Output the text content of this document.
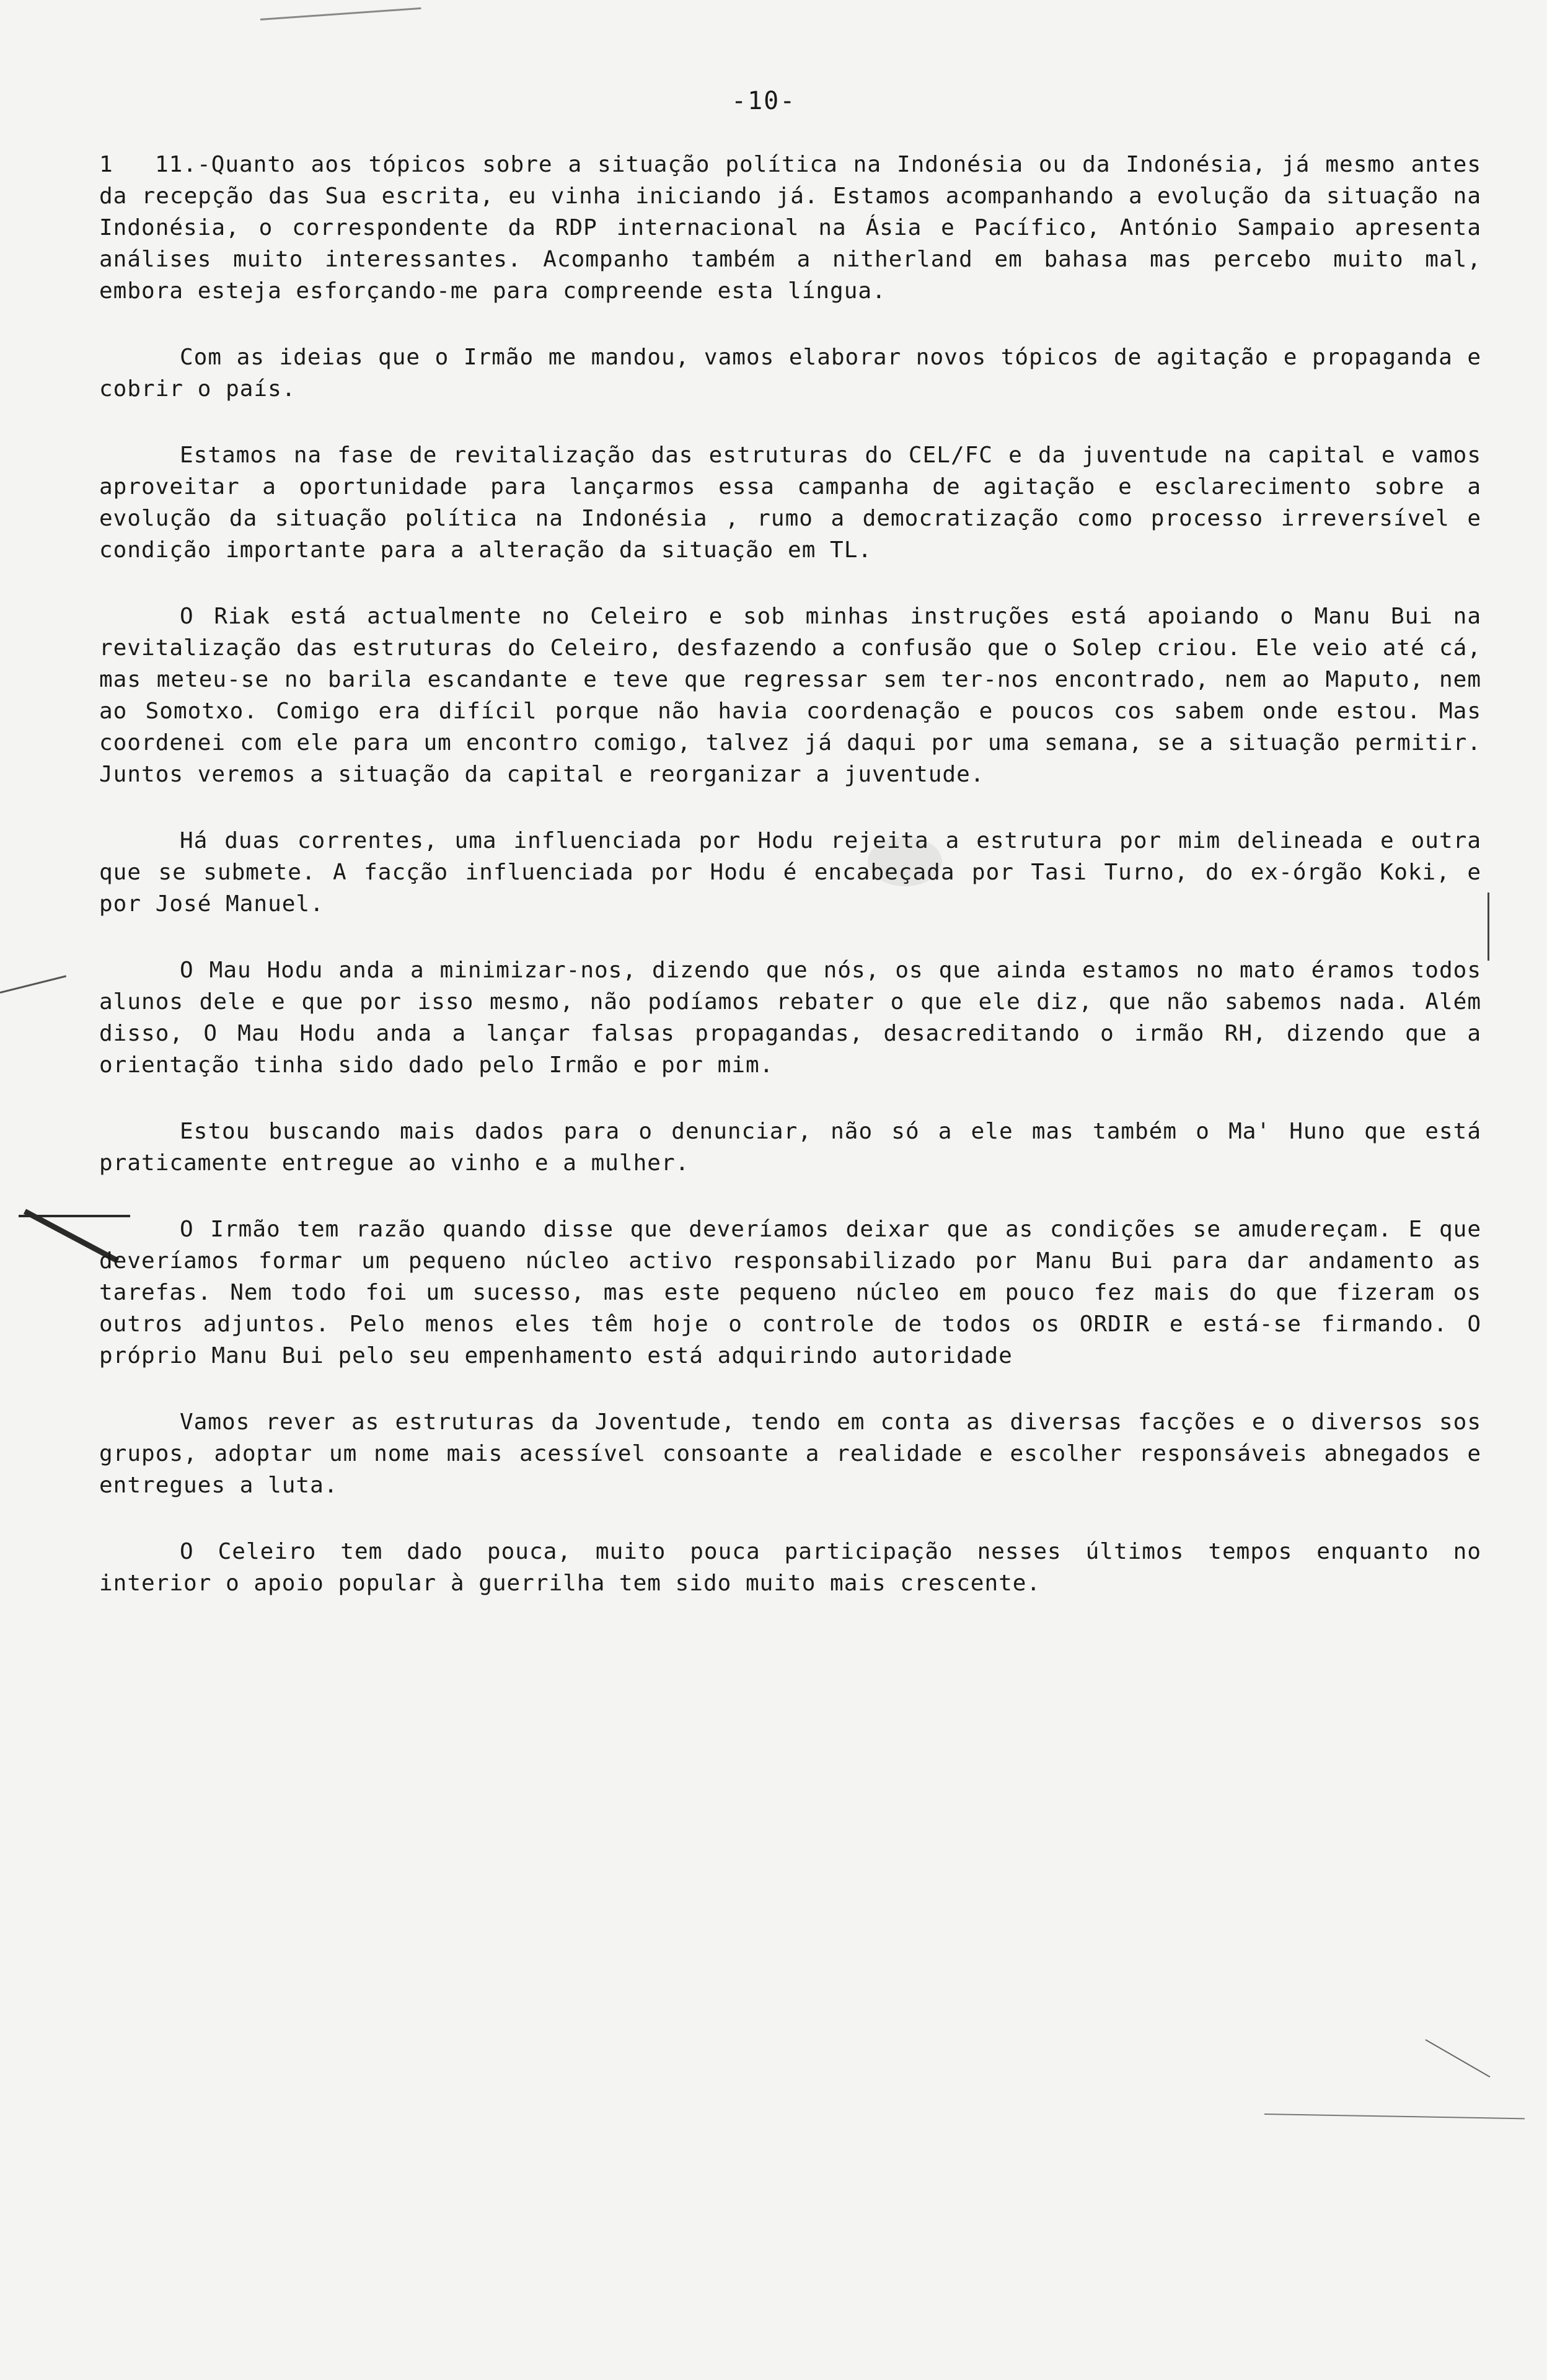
-10-

1 11.-Quanto aos tópicos sobre a situação política na Indonésia ou da Indonésia, já mesmo antes da recepção das Sua escrita, eu vinha iniciando já. Estamos acompanhando a evolução da situação na Indonésia, o correspondente da RDP internacional na Ásia e Pacífico, António Sampaio apresenta análises muito interessantes. Acompanho também a nitherland em bahasa mas percebo muito mal, embora esteja esforçando-me para compreende esta língua.

Com as ideias que o Irmão me mandou, vamos elaborar novos tópicos de agitação e propaganda e cobrir o país.

Estamos na fase de revitalização das estruturas do CEL/FC e da juventude na capital e vamos aproveitar a oportunidade para lançarmos essa campanha de agitação e esclarecimento sobre a evolução da situação política na Indonésia , rumo a democratização como processo irreversível e condição importante para a alteração da situação em TL.

O Riak está actualmente no Celeiro e sob minhas instruções está apoiando o Manu Bui na revitalização das estruturas do Celeiro, desfazendo a confusão que o Solep criou. Ele veio até cá, mas meteu-se no barila escandante e teve que regressar sem ter-nos encontrado, nem ao Maputo, nem ao Somotxo. Comigo era difícil porque não havia coordenação e poucos cos sabem onde estou. Mas coordenei com ele para um encontro comigo, talvez já daqui por uma semana, se a situação permitir. Juntos veremos a situação da capital e reorganizar a juventude.

Há duas correntes, uma influenciada por Hodu rejeita a estrutura por mim delineada e outra que se submete. A facção influenciada por Hodu é encabeçada por Tasi Turno, do ex-órgão Koki, e por José Manuel.

O Mau Hodu anda a minimizar-nos, dizendo que nós, os que ainda estamos no mato éramos todos alunos dele e que por isso mesmo, não podíamos rebater o que ele diz, que não sabemos nada. Além disso, O Mau Hodu anda a lançar falsas propagandas, desacreditando o irmão RH, dizendo que a orientação tinha sido dado pelo Irmão e por mim.

Estou buscando mais dados para o denunciar, não só a ele mas também o Ma' Huno que está praticamente entregue ao vinho e a mulher.

O Irmão tem razão quando disse que deveríamos deixar que as condições se amudereçam. E que deveríamos formar um pequeno núcleo activo responsabilizado por Manu Bui para dar andamento as tarefas. Nem todo foi um sucesso, mas este pequeno núcleo em pouco fez mais do que fizeram os outros adjuntos. Pelo menos eles têm hoje o controle de todos os ORDIR e está-se firmando. O próprio Manu Bui pelo seu empenhamento está adquirindo autoridade

Vamos rever as estruturas da Joventude, tendo em conta as diversas facções e o diversos sos grupos, adoptar um nome mais acessível consoante a realidade e escolher responsáveis abnegados e entregues a luta.

O Celeiro tem dado pouca, muito pouca participação nesses últimos tempos enquanto no interior o apoio popular à guerrilha tem sido muito mais crescente.
